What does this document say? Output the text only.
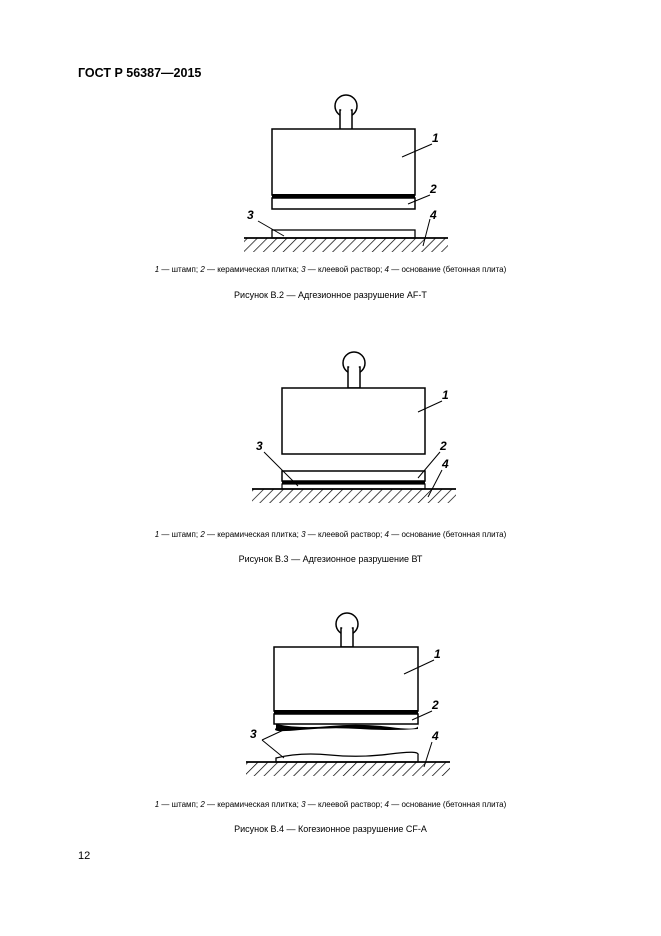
ГОСТ Р 56387—2015
1
2
3	4
1 — штамп; 2 — керамическая плитка; 3 — клеевой раствор; 4 — основание (бетонная плита)
Рисунок В.2 — Адгезионное разрушение AF-T
1
2
3
4
1 — штамп; 2 — керамическая плитка; 3 — клеевой раствор; 4 — основание (бетонная плита)
Рисунок В.3 — Адгезионное разрушение ВТ
1
2
3	4
1 — штамп; 2 — керамическая плитка; 3 — клеевой раствор; 4 — основание (бетонная плита)
Рисунок В.4 — Когезионное разрушение CF-A
12
